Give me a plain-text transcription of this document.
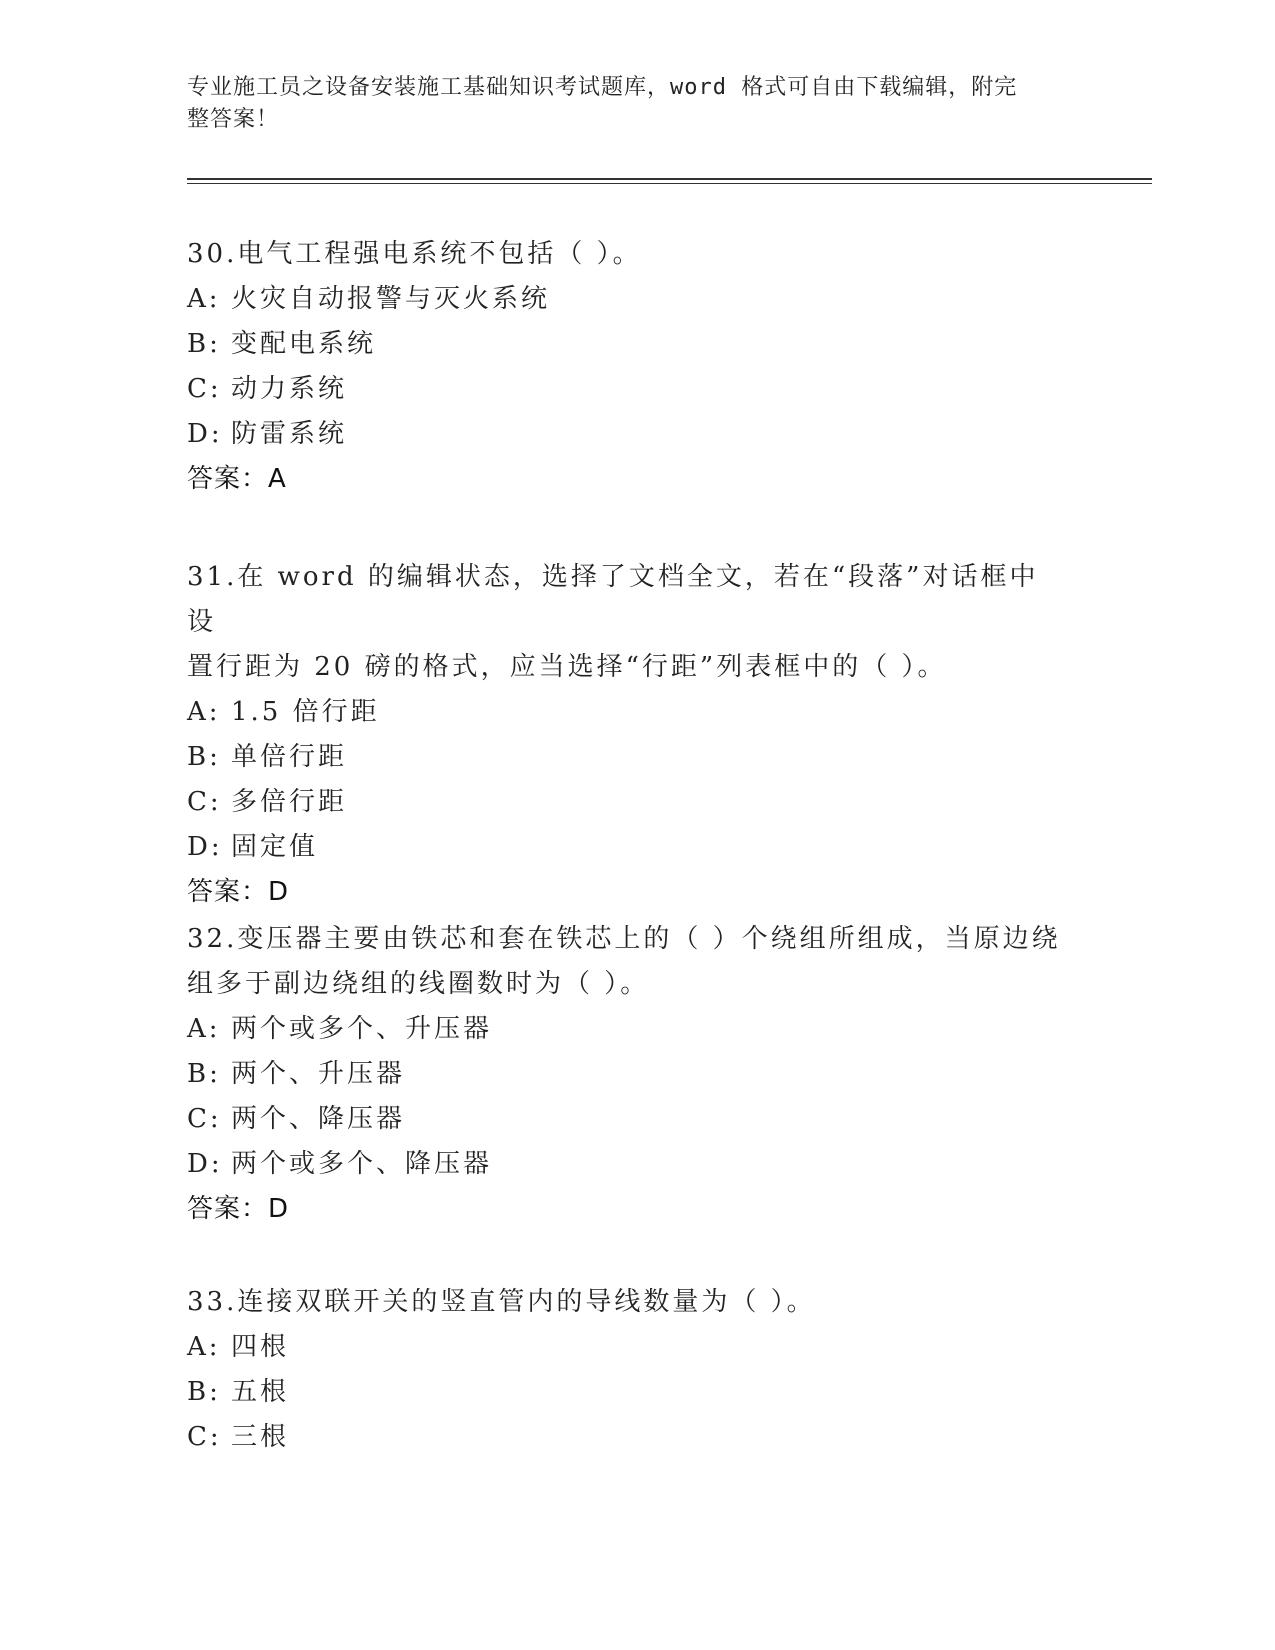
专业施工员之设备安装施工基础知识考试题库，word 格式可自由下载编辑，附完
整答案！

30.电气工程强电系统不包括（ ）。

A: 火灾自动报警与灭火系统

B: 变配电系统

C: 动力系统

D: 防雷系统

答案：A

31.在 word 的编辑状态，选择了文档全文，若在“段落”对话框中设

置行距为 20 磅的格式，应当选择“行距”列表框中的（ ）。

A: 1.5 倍行距

B: 单倍行距

C: 多倍行距

D: 固定值

答案：D

32.变压器主要由铁芯和套在铁芯上的（ ）个绕组所组成，当原边绕

组多于副边绕组的线圈数时为（ ）。

A: 两个或多个、升压器

B: 两个、升压器

C: 两个、降压器

D: 两个或多个、降压器

答案：D

33.连接双联开关的竖直管内的导线数量为（ ）。

A: 四根

B: 五根

C: 三根
